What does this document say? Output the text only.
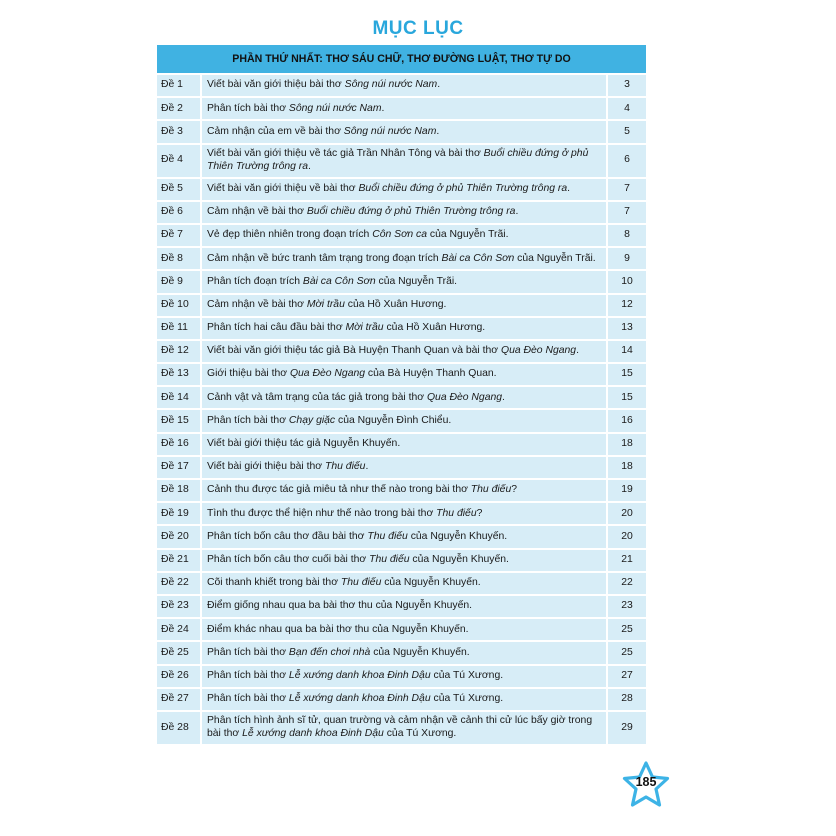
MỤC LỤC
PHẦN THỨ NHẤT: THƠ SÁU CHỮ, THƠ ĐƯỜNG LUẬT, THƠ TỰ DO		
Đề 1	Viết bài văn giới thiệu bài thơ Sông núi nước Nam.	3
Đề 2	Phân tích bài thơ Sông núi nước Nam.	4
Đề 3	Cảm nhận của em về bài thơ Sông núi nước Nam.	5
Đề 4	Viết bài văn giới thiệu về tác giả Trần Nhân Tông và bài thơ Buổi chiều đứng ở phủ Thiên Trường trông ra.	6
Đề 5	Viết bài văn giới thiệu về bài thơ Buổi chiều đứng ở phủ Thiên Trường trông ra.	7
Đề 6	Cảm nhận về bài thơ Buổi chiều đứng ở phủ Thiên Trường trông ra.	7
Đề 7	Vẻ đẹp thiên nhiên trong đoạn trích Côn Sơn ca của Nguyễn Trãi.	8
Đề 8	Cảm nhận về bức tranh tâm trạng trong đoạn trích Bài ca Côn Sơn của Nguyễn Trãi.	9
Đề 9	Phân tích đoạn trích Bài ca Côn Sơn của Nguyễn Trãi.	10
Đề 10	Cảm nhận về bài thơ Mời trầu của Hồ Xuân Hương.	12
Đề 11	Phân tích hai câu đầu bài thơ Mời trầu của Hồ Xuân Hương.	13
Đề 12	Viết bài văn giới thiệu tác giả Bà Huyện Thanh Quan và bài thơ Qua Đèo Ngang.	14
Đề 13	Giới thiệu bài thơ Qua Đèo Ngang của Bà Huyện Thanh Quan.	15
Đề 14	Cảnh vật và tâm trạng của tác giả trong bài thơ Qua Đèo Ngang.	15
Đề 15	Phân tích bài thơ Chạy giặc của Nguyễn Đình Chiểu.	16
Đề 16	Viết bài giới thiệu tác giả Nguyễn Khuyến.	18
Đề 17	Viết bài giới thiệu bài thơ Thu điếu.	18
Đề 18	Cảnh thu được tác giả miêu tả như thế nào trong bài thơ Thu điếu?	19
Đề 19	Tình thu được thể hiện như thế nào trong bài thơ Thu điếu?	20
Đề 20	Phân tích bốn câu thơ đầu bài thơ Thu điếu của Nguyễn Khuyến.	20
Đề 21	Phân tích bốn câu thơ cuối bài thơ Thu điếu của Nguyễn Khuyến.	21
Đề 22	Cõi thanh khiết trong bài thơ Thu điếu của Nguyễn Khuyến.	22
Đề 23	Điểm giống nhau qua ba bài thơ thu của Nguyễn Khuyến.	23
Đề 24	Điểm khác nhau qua ba bài thơ thu của Nguyễn Khuyến.	25
Đề 25	Phân tích bài thơ Bạn đến chơi nhà của Nguyễn Khuyến.	25
Đề 26	Phân tích bài thơ Lễ xướng danh khoa Đinh Dậu của Tú Xương.	27
Đề 27	Phân tích bài thơ Lễ xướng danh khoa Đinh Dậu của Tú Xương.	28
Đề 28	Phân tích hình ảnh sĩ tử, quan trường và cảm nhận về cảnh thi cử lúc bấy giờ trong bài thơ Lễ xướng danh khoa Đinh Dậu của Tú Xương.	29
185
